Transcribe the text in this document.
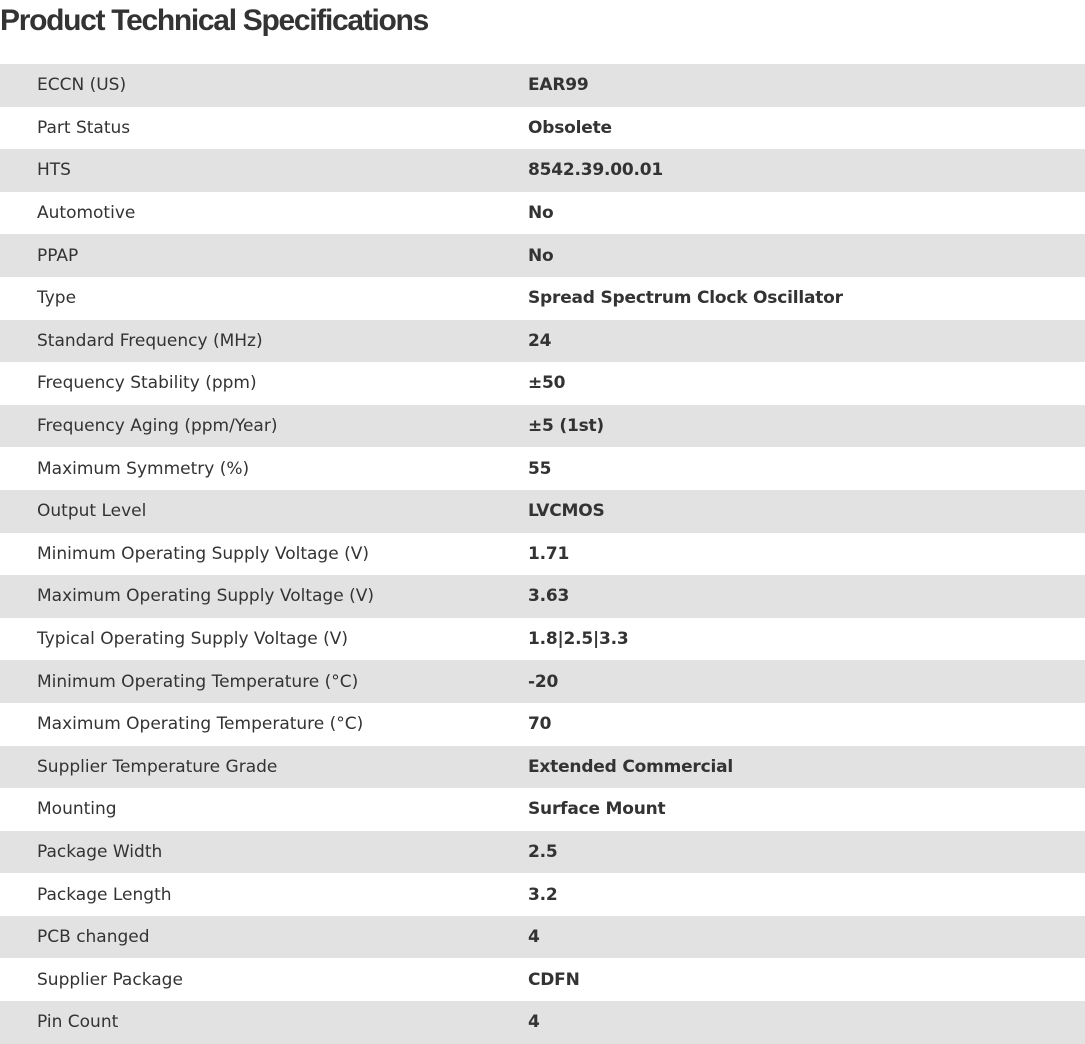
Product Technical Specifications
ECCN (US)	EAR99
Part Status	Obsolete
HTS	8542.39.00.01
Automotive	No
PPAP	No
Type	Spread Spectrum Clock Oscillator
Standard Frequency (MHz)	24
Frequency Stability (ppm)	±50
Frequency Aging (ppm/Year)	±5 (1st)
Maximum Symmetry (%)	55
Output Level	LVCMOS
Minimum Operating Supply Voltage (V)	1.71
Maximum Operating Supply Voltage (V)	3.63
Typical Operating Supply Voltage (V)	1.8|2.5|3.3
Minimum Operating Temperature (°C)	-20
Maximum Operating Temperature (°C)	70
Supplier Temperature Grade	Extended Commercial
Mounting	Surface Mount
Package Width	2.5
Package Length	3.2
PCB changed	4
Supplier Package	CDFN
Pin Count	4
